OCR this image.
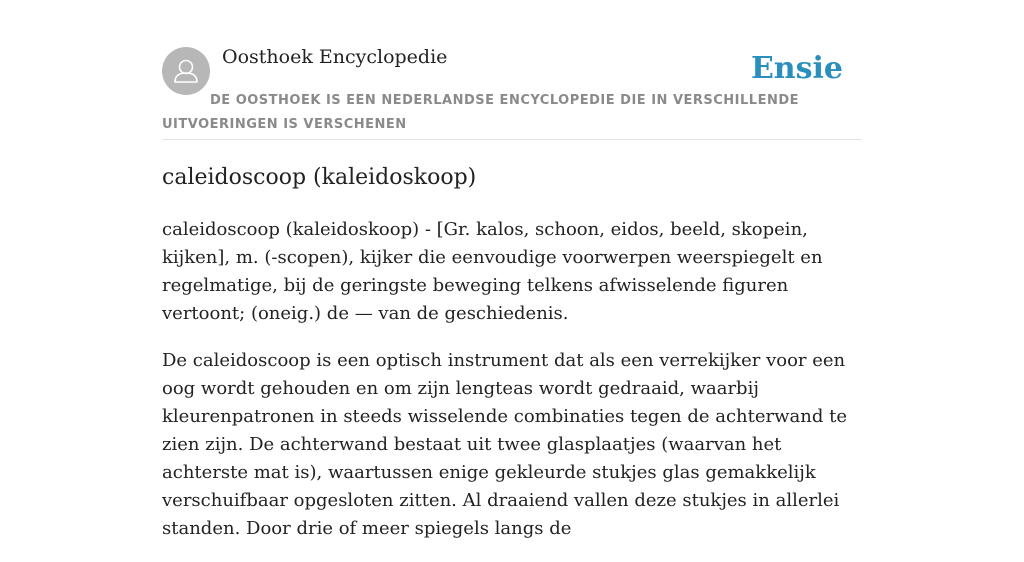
Oosthoek Encyclopedie	Ensie

DE OOSTHOEK IS EEN NEDERLANDSE ENCYCLOPEDIE DIE IN VERSCHILLENDE UITVOERINGEN IS VERSCHENEN

caleidoscoop (kaleidoskoop)

caleidoscoop (kaleidoskoop) - [Gr. kalos, schoon, eidos, beeld, skopein, kijken], m. (-scopen), kijker die eenvoudige voorwerpen weerspiegelt en regelmatige, bij de geringste beweging telkens afwisselende figuren vertoont; (oneig.) de — van de geschiedenis.

De caleidoscoop is een optisch instrument dat als een verrekijker voor een oog wordt gehouden en om zijn lengteas wordt gedraaid, waarbij kleurenpatronen in steeds wisselende combinaties tegen de achterwand te zien zijn. De achterwand bestaat uit twee glasplaatjes (waarvan het achterste mat is), waartussen enige gekleurde stukjes glas gemakkelijk verschuifbaar opgesloten zitten. Al draaiend vallen deze stukjes in allerlei standen. Door drie of meer spiegels langs de
